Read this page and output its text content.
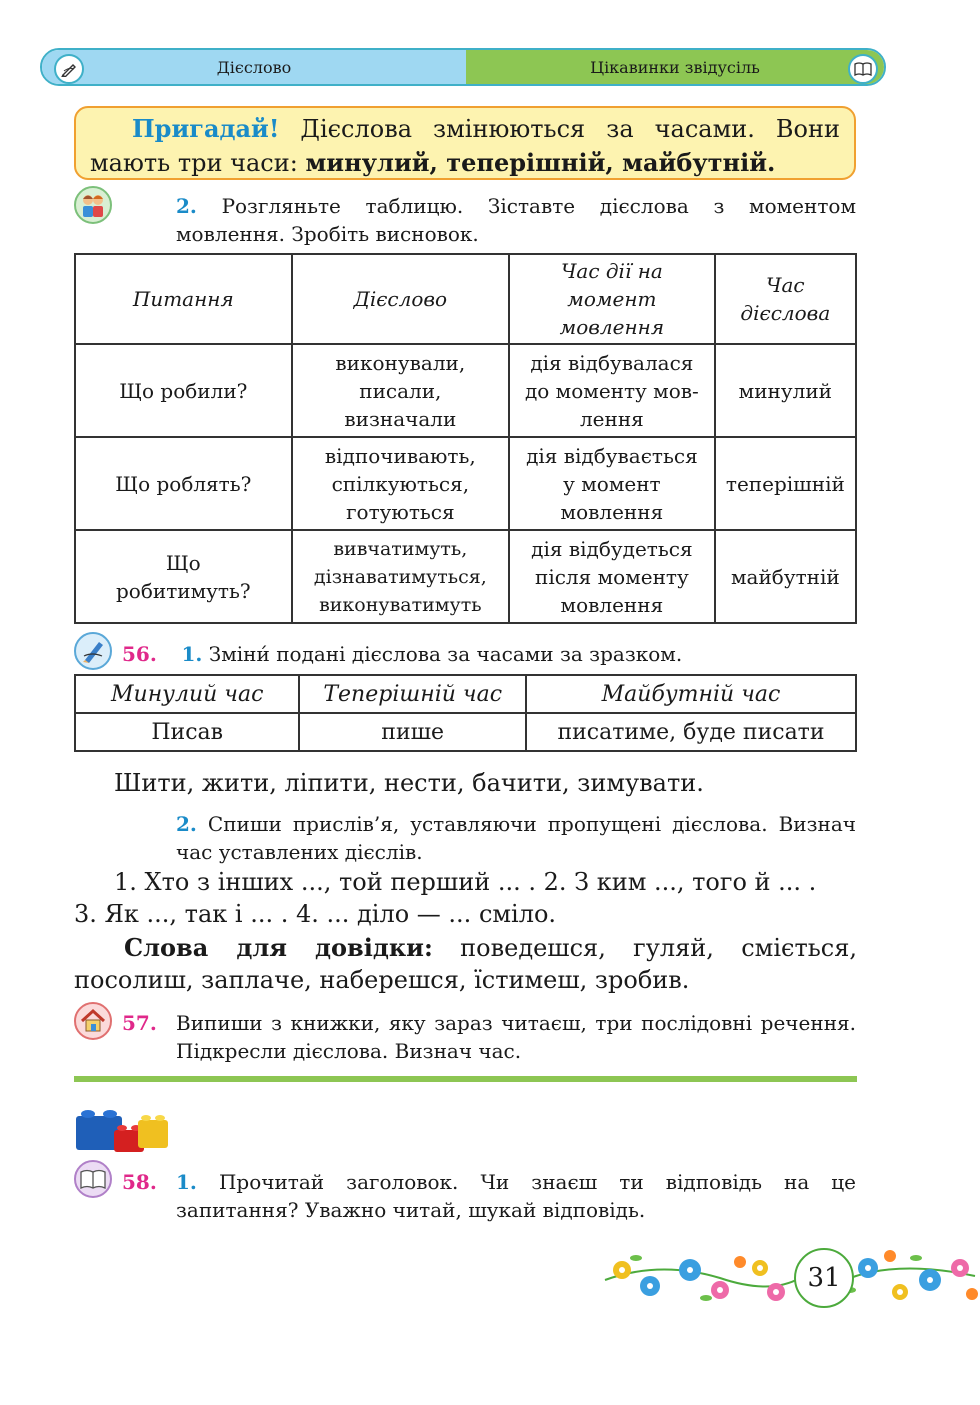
Дієслово	Цікавинки звідусіль
Пригадай! Дієслова змінюються за часами. Вони мають три часи: минулий, теперішній, майбутній.
2. Розгляньте таблицю. Зіставте дієслова з моментом мовлення. Зробіть висновок.
Питання	Дієслово	Час дії на момент мовлення	Час дієслова
Що робили?	виконували, писали, визначали	дія відбувалася до моменту мов-лення	минулий
Що роблять?	відпочивають, спілкуються, готуються	дія відбувається у момент мовлення	теперішній
Що робитимуть?	вивчатимуть, дізнаватимуться, виконуватимуть	дія відбудеться після моменту мовлення	майбутній
56. 1. Зміни́ подані дієслова за часами за зразком.
Минулий час	Теперішній час	Майбутній час
Писав	пише	писатиме, буде писати
Шити, жити, ліпити, нести, бачити, зимувати.
2. Спиши прислів’я, уставляючи пропущені дієслова. Визнач час уставлених дієслів.
1. Хто з інших ..., той перший ... . 2. З ким ..., того й ... .
3. Як ..., так і ... . 4. ... діло — ... сміло.
Слова для довідки: поведешся, гуляй, сміється, посолиш, заплаче, наберешся, їстимеш, зробив.
57. Випиши з книжки, яку зараз читаєш, три послідовні речення. Підкресли дієслова. Визнач час.
58. 1. Прочитай заголовок. Чи знаєш ти відповідь на це запитання? Уважно читай, шукай відповідь.
31
